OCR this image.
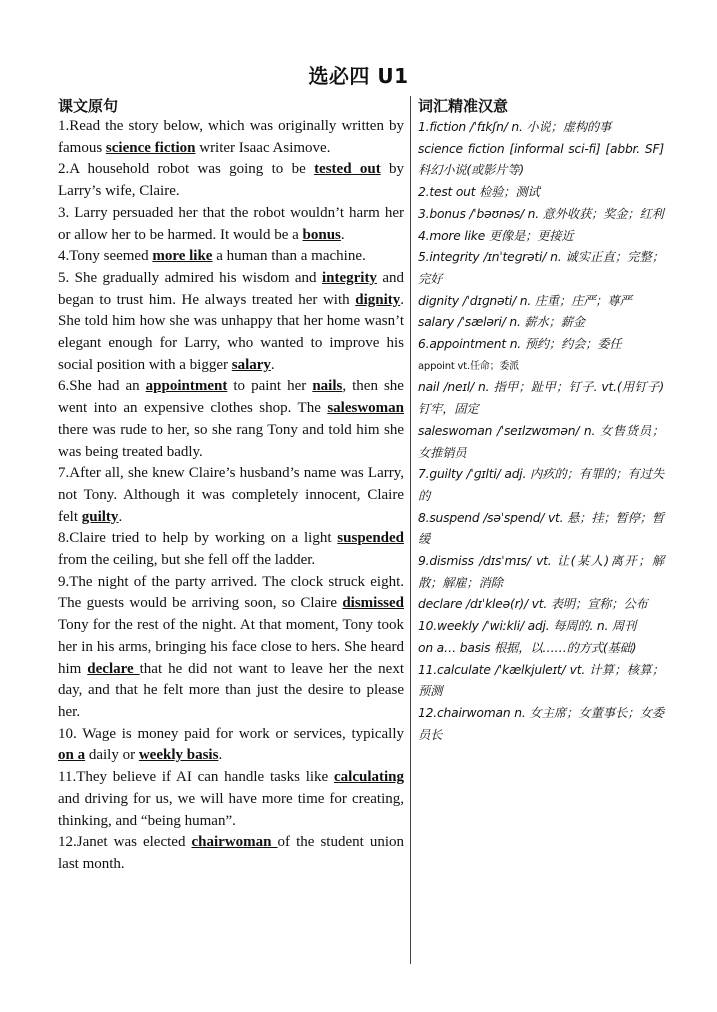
选必四 U1
课文原句	词汇精准汉意

1.Read the story below, which was originally written by famous science fiction writer Isaac Asimove.

2.A household robot was going to be tested out by Larry’s wife, Claire.

3. Larry persuaded her that the robot wouldn’t harm her or allow her to be harmed. It would be a bonus.

4.Tony seemed more like a human than a machine.

5. She gradually admired his wisdom and integrity and began to trust him. He always treated her with dignity. She told him how she was unhappy that her home wasn’t elegant enough for Larry, who wanted to improve his social position with a bigger salary.

6.She had an appointment to paint her nails, then she went into an expensive clothes shop. The saleswoman there was rude to her, so she rang Tony and told him she was being treated badly.

7.After all, she knew Claire’s husband’s name was Larry, not Tony. Although it was completely innocent, Claire felt guilty.

8.Claire tried to help by working on a light suspended from the ceiling, but she fell off the ladder.

9.The night of the party arrived. The clock struck eight. The guests would be arriving soon, so Claire dismissed Tony for the rest of the night. At that moment, Tony took her in his arms, bringing his face close to hers. She heard him declare that he did not want to leave her the next day, and that he felt more than just the desire to please her.

10. Wage is money paid for work or services, typically on a daily or weekly basis.

11.They believe if AI can handle tasks like calculating and driving for us, we will have more time for creating, thinking, and “being human”.

12.Janet was elected chairwoman of the student union last month.

1.fiction /ˈfɪkʃn/ n. 小说；虚构的事

science fiction [informal sci-fi] [abbr. SF] 科幻小说(或影片等)

2.test out 检验；测试

3.bonus /ˈbəʊnəs/ n. 意外收获；奖金；红利

4.more like 更像是；更接近

5.integrity /ɪnˈteɡrəti/ n. 诚实正直；完整；完好

dignity /ˈdɪɡnəti/ n. 庄重；庄严；尊严

salary /ˈsæləri/ n. 薪水；薪金

6.appointment n. 预约；约会；委任

appoint vt.任命；委派

nail /neɪl/ n. 指甲；趾甲；钉子. vt.(用钉子)钉牢，固定

saleswoman /ˈseɪlzwʊmən/ n. 女售货员；女推销员

7.guilty /ˈɡɪlti/ adj. 内疚的；有罪的；有过失的

8.suspend /səˈspend/ vt. 悬；挂；暂停；暂缓

9.dismiss /dɪsˈmɪs/ vt. 让(某人)离开；解散；解雇；消除

declare /dɪˈkleə(r)/ vt. 表明；宣称；公布

10.weekly /ˈwiːkli/ adj. 每周的. n. 周刊

on a… basis 根据，以……的方式(基础)

11.calculate /ˈkælkjuleɪt/ vt. 计算；核算；预测

12.chairwoman n. 女主席；女董事长；女委员长
